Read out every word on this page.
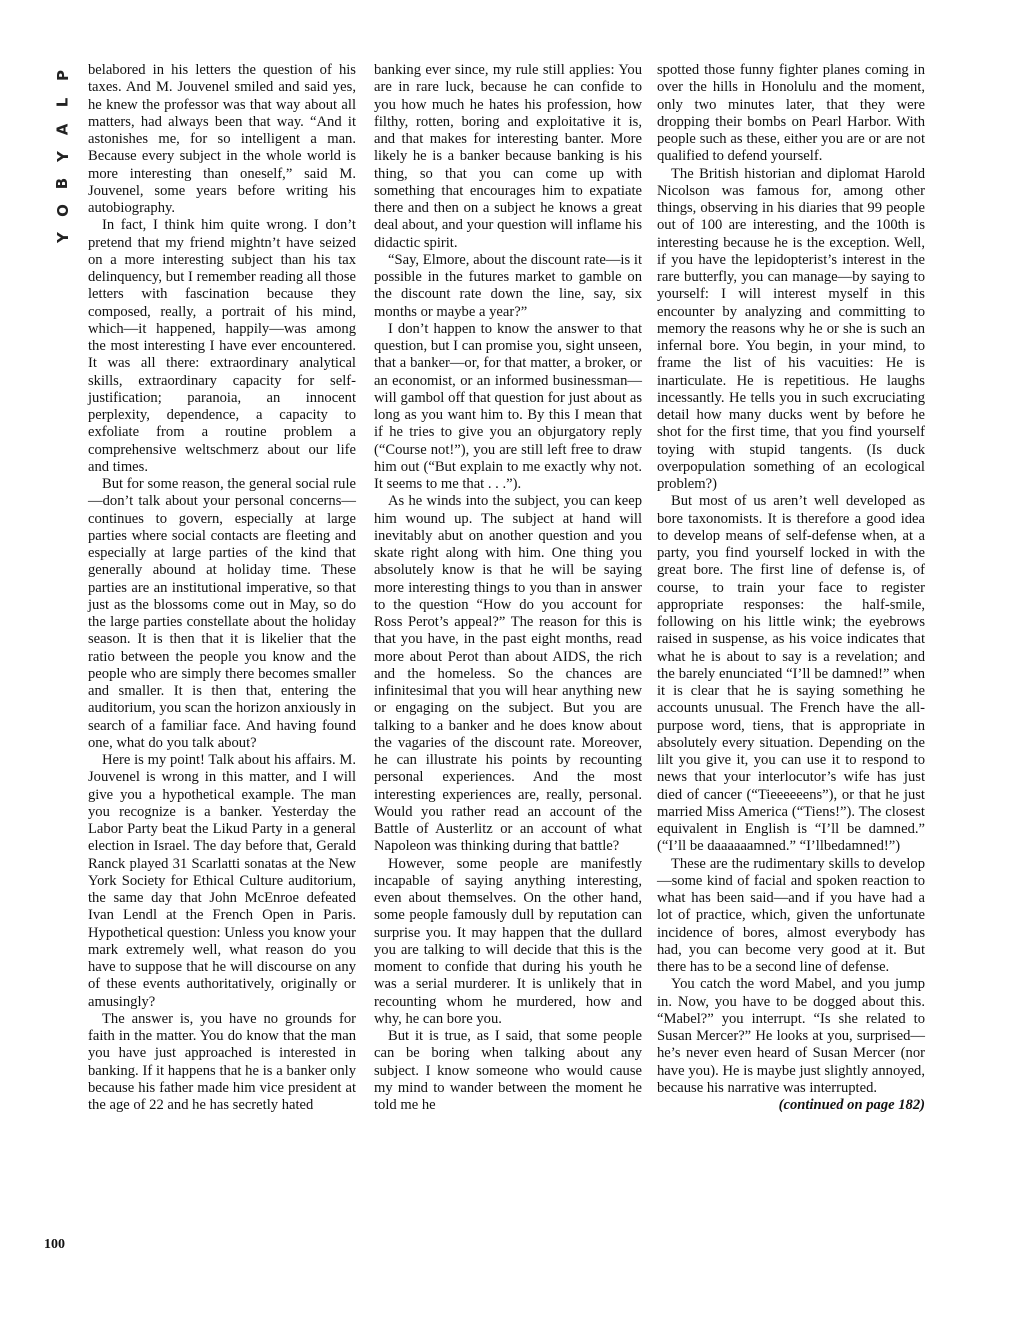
P
L
A
Y
B
O
Y
100

belabored in his letters the question of his taxes. And M. Jouvenel smiled and said yes, he knew the professor was that way about all matters, had always been that way. “And it astonishes me, for so intelligent a man. Because every subject in the whole world is more interesting than oneself,” said M. Jouvenel, some years before writing his autobiography.

In fact, I think him quite wrong. I don’t pretend that my friend mightn’t have seized on a more interesting subject than his tax delinquency, but I remember reading all those letters with fascination because they composed, really, a portrait of his mind, which—it happened, happily—was among the most interesting I have ever encountered. It was all there: extraordinary analytical skills, extraordinary capacity for self-justification; paranoia, an innocent perplexity, dependence, a capacity to exfoliate from a routine problem a comprehensive weltschmerz about our life and times.

But for some reason, the general social rule—don’t talk about your personal concerns—continues to govern, especially at large parties where social contacts are fleeting and especially at large parties of the kind that generally abound at holiday time. These parties are an institutional imperative, so that just as the blossoms come out in May, so do the large parties constellate about the holiday season. It is then that it is likelier that the ratio between the people you know and the people who are simply there becomes smaller and smaller. It is then that, entering the auditorium, you scan the horizon anxiously in search of a familiar face. And having found one, what do you talk about?

Here is my point! Talk about his affairs. M. Jouvenel is wrong in this matter, and I will give you a hypothetical example. The man you recognize is a banker. Yesterday the Labor Party beat the Likud Party in a general election in Israel. The day before that, Gerald Ranck played 31 Scarlatti sonatas at the New York Society for Ethical Culture auditorium, the same day that John McEnroe defeated Ivan Lendl at the French Open in Paris. Hypothetical question: Unless you know your mark extremely well, what reason do you have to suppose that he will discourse on any of these events authoritatively, originally or amusingly?

The answer is, you have no grounds for faith in the matter. You do know that the man you have just approached is interested in banking. If it happens that he is a banker only because his father made him vice president at the age of 22 and he has secretly hated

banking ever since, my rule still applies: You are in rare luck, because he can confide to you how much he hates his profession, how filthy, rotten, boring and exploitative it is, and that makes for interesting banter. More likely he is a banker because banking is his thing, so that you can come up with something that encourages him to expatiate there and then on a subject he knows a great deal about, and your question will inflame his didactic spirit.

“Say, Elmore, about the discount rate—is it possible in the futures market to gamble on the discount rate down the line, say, six months or maybe a year?”

I don’t happen to know the answer to that question, but I can promise you, sight unseen, that a banker—or, for that matter, a broker, or an economist, or an informed businessman—will gambol off that question for just about as long as you want him to. By this I mean that if he tries to give you an objurgatory reply (“Course not!”), you are still left free to draw him out (“But explain to me exactly why not. It seems to me that . . .”).

As he winds into the subject, you can keep him wound up. The subject at hand will inevitably abut on another question and you skate right along with him. One thing you absolutely know is that he will be saying more interesting things to you than in answer to the question “How do you account for Ross Perot’s appeal?” The reason for this is that you have, in the past eight months, read more about Perot than about AIDS, the rich and the homeless. So the chances are infinitesimal that you will hear anything new or engaging on the subject. But you are talking to a banker and he does know about the vagaries of the discount rate. Moreover, he can illustrate his points by recounting personal experiences. And the most interesting experiences are, really, personal. Would you rather read an account of the Battle of Austerlitz or an account of what Napoleon was thinking during that battle?

However, some people are manifestly incapable of saying anything interesting, even about themselves. On the other hand, some people famously dull by reputation can surprise you. It may happen that the dullard you are talking to will decide that this is the moment to confide that during his youth he was a serial murderer. It is unlikely that in recounting whom he murdered, how and why, he can bore you.

But it is true, as I said, that some people can be boring when talking about any subject. I know someone who would cause my mind to wander between the moment he told me he

spotted those funny fighter planes coming in over the hills in Honolulu and the moment, only two minutes later, that they were dropping their bombs on Pearl Harbor. With people such as these, either you are or are not qualified to defend yourself.

The British historian and diplomat Harold Nicolson was famous for, among other things, observing in his diaries that 99 people out of 100 are interesting, and the 100th is interesting because he is the exception. Well, if you have the lepidopterist’s interest in the rare butterfly, you can manage—by saying to yourself: I will interest myself in this encounter by analyzing and committing to memory the reasons why he or she is such an infernal bore. You begin, in your mind, to frame the list of his vacuities: He is inarticulate. He is repetitious. He laughs incessantly. He tells you in such excruciating detail how many ducks went by before he shot for the first time, that you find yourself toying with stupid tangents. (Is duck overpopulation something of an ecological problem?)

But most of us aren’t well developed as bore taxonomists. It is therefore a good idea to develop means of self-defense when, at a party, you find yourself locked in with the great bore. The first line of defense is, of course, to train your face to register appropriate responses: the half-smile, following on his little wink; the eyebrows raised in suspense, as his voice indicates that what he is about to say is a revelation; and the barely enunciated “I’ll be damned!” when it is clear that he is saying something he accounts unusual. The French have the all-purpose word, tiens, that is appropriate in absolutely every situation. Depending on the lilt you give it, you can use it to respond to news that your interlocutor’s wife has just died of cancer (“Tieeeeeens”), or that he just married Miss America (“Tiens!”). The closest equivalent in English is “I’ll be damned.” (“I’ll be daaaaaamned.” “I’llbedamned!”)

These are the rudimentary skills to develop—some kind of facial and spoken reaction to what has been said—and if you have had a lot of practice, which, given the unfortunate incidence of bores, almost everybody has had, you can become very good at it. But there has to be a second line of defense.

You catch the word Mabel, and you jump in. Now, you have to be dogged about this. “Mabel?” you interrupt. “Is she related to Susan Mercer?” He looks at you, surprised—he’s never even heard of Susan Mercer (nor have you). He is maybe just slightly annoyed, because his narrative was interrupted.

(continued on page 182)
